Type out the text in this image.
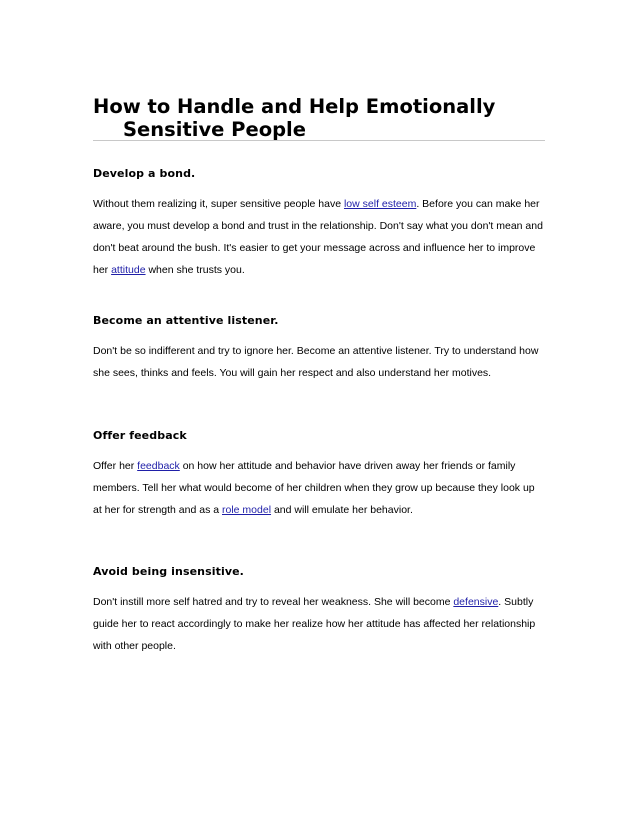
How to Handle and Help Emotionally
Sensitive People
Develop a bond.

Without them realizing it, super sensitive people have low self esteem. Before you can make her aware, you must develop a bond and trust in the relationship. Don't say what you don't mean and don't beat around the bush. It's easier to get your message across and influence her to improve her attitude when she trusts you.

Become an attentive listener.

Don't be so indifferent and try to ignore her. Become an attentive listener. Try to understand how she sees, thinks and feels. You will gain her respect and also understand her motives.

Offer feedback

Offer her feedback on how her attitude and behavior have driven away her friends or family members. Tell her what would become of her children when they grow up because they look up at her for strength and as a role model and will emulate her behavior.

Avoid being insensitive.

Don't instill more self hatred and try to reveal her weakness. She will become defensive. Subtly guide her to react accordingly to make her realize how her attitude has affected her relationship with other people.
